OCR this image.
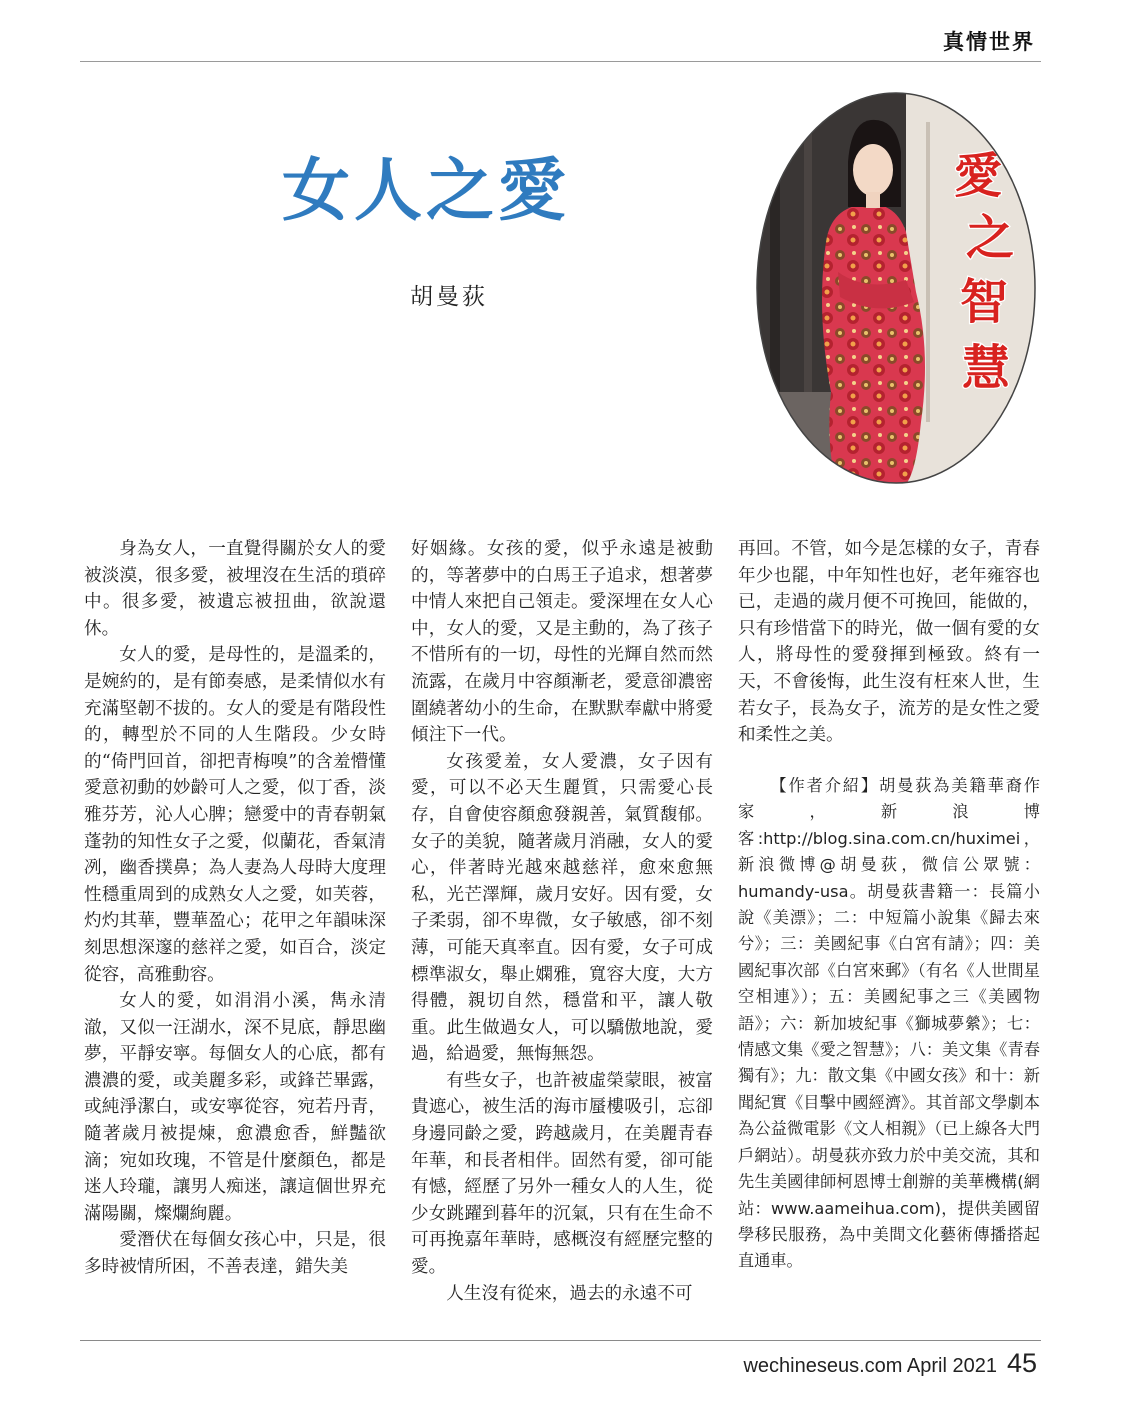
真情世界
女人之愛
胡曼荻
愛
之
智
慧

身為女人，一直覺得關於女人的愛被淡漠，很多愛，被埋沒在生活的瑣碎中。很多愛，被遺忘被扭曲，欲說還休。

女人的愛，是母性的，是溫柔的，是婉約的，是有節奏感，是柔情似水有充滿堅韌不拔的。女人的愛是有階段性的，轉型於不同的人生階段。少女時的“倚門回首，卻把青梅嗅”的含羞懵懂愛意初動的妙齡可人之愛，似丁香，淡雅芬芳，沁人心脾；戀愛中的青春朝氣蓬勃的知性女子之愛，似蘭花，香氣清冽，幽香撲鼻；為人妻為人母時大度理性穩重周到的成熟女人之愛，如芙蓉，灼灼其華，豐華盈心；花甲之年韻味深刻思想深邃的慈祥之愛，如百合，淡定從容，高雅動容。

女人的愛，如涓涓小溪，雋永清澈，又似一汪湖水，深不見底，靜思幽夢，平靜安寧。每個女人的心底，都有濃濃的愛，或美麗多彩，或鋒芒畢露，或純淨潔白，或安寧從容，宛若丹青，隨著歲月被提煉，愈濃愈香，鮮豔欲滴；宛如玫瑰，不管是什麼顏色，都是迷人玲瓏，讓男人痴迷，讓這個世界充滿陽關，燦爛絢麗。

愛潛伏在每個女孩心中，只是，很多時被情所困，不善表達，錯失美

好姻緣。女孩的愛，似乎永遠是被動的，等著夢中的白馬王子追求，想著夢中情人來把自己領走。愛深埋在女人心中，女人的愛，又是主動的，為了孩子不惜所有的一切，母性的光輝自然而然流露，在歲月中容顏漸老，愛意卻濃密圍繞著幼小的生命，在默默奉獻中將愛傾注下一代。

女孩愛羞，女人愛濃，女子因有愛，可以不必天生麗質，只需愛心長存，自會使容顏愈發親善，氣質馥郁。女子的美貌，隨著歲月消融，女人的愛心，伴著時光越來越慈祥，愈來愈無私，光芒澤輝，歲月安好。因有愛，女子柔弱，卻不卑微，女子敏感，卻不刻薄，可能天真率直。因有愛，女子可成標準淑女，舉止嫻雅，寬容大度，大方得體，親切自然，穩當和平，讓人敬重。此生做過女人，可以驕傲地說，愛過，給過愛，無悔無怨。

有些女子，也許被虛榮蒙眼，被富貴遮心，被生活的海市蜃樓吸引，忘卻身邊同齡之愛，跨越歲月，在美麗青春年華，和長者相伴。固然有愛，卻可能有憾，經歷了另外一種女人的人生，從少女跳躍到暮年的沉氣，只有在生命不可再挽嘉年華時，感概沒有經歷完整的愛。

人生沒有從來，過去的永遠不可

再回。不管，如今是怎樣的女子，青春年少也罷，中年知性也好，老年雍容也已，走過的歲月便不可挽回，能做的，只有珍惜當下的時光，做一個有愛的女人，將母性的愛發揮到極致。終有一天，不會後悔，此生沒有枉來人世，生若女子，長為女子，流芳的是女性之愛和柔性之美。

【作者介紹】胡曼荻為美籍華裔作家，新浪博客:http://blog.sina.com.cn/huximei，新浪微博@胡曼荻，微信公眾號：humandy-usa。胡曼荻書籍一：長篇小說《美漂》；二：中短篇小說集《歸去來兮》；三：美國紀事《白宮有請》；四：美國紀事次部《白宮來郵》（有名《人世間星空相連》）；五：美國紀事之三《美國物語》；六：新加坡紀事《獅城夢縈》；七：情感文集《愛之智慧》；八：美文集《青春獨有》；九：散文集《中國女孩》和十：新聞紀實《目擊中國經濟》。其首部文學劇本為公益微電影《文人相親》（已上線各大門戶網站）。胡曼荻亦致力於中美交流，其和先生美國律師柯恩博士創辦的美華機構(網站：www.aameihua.com)，提供美國留學移民服務，為中美間文化藝術傳播搭起直通車。

wechineseus.com April 2021 45
